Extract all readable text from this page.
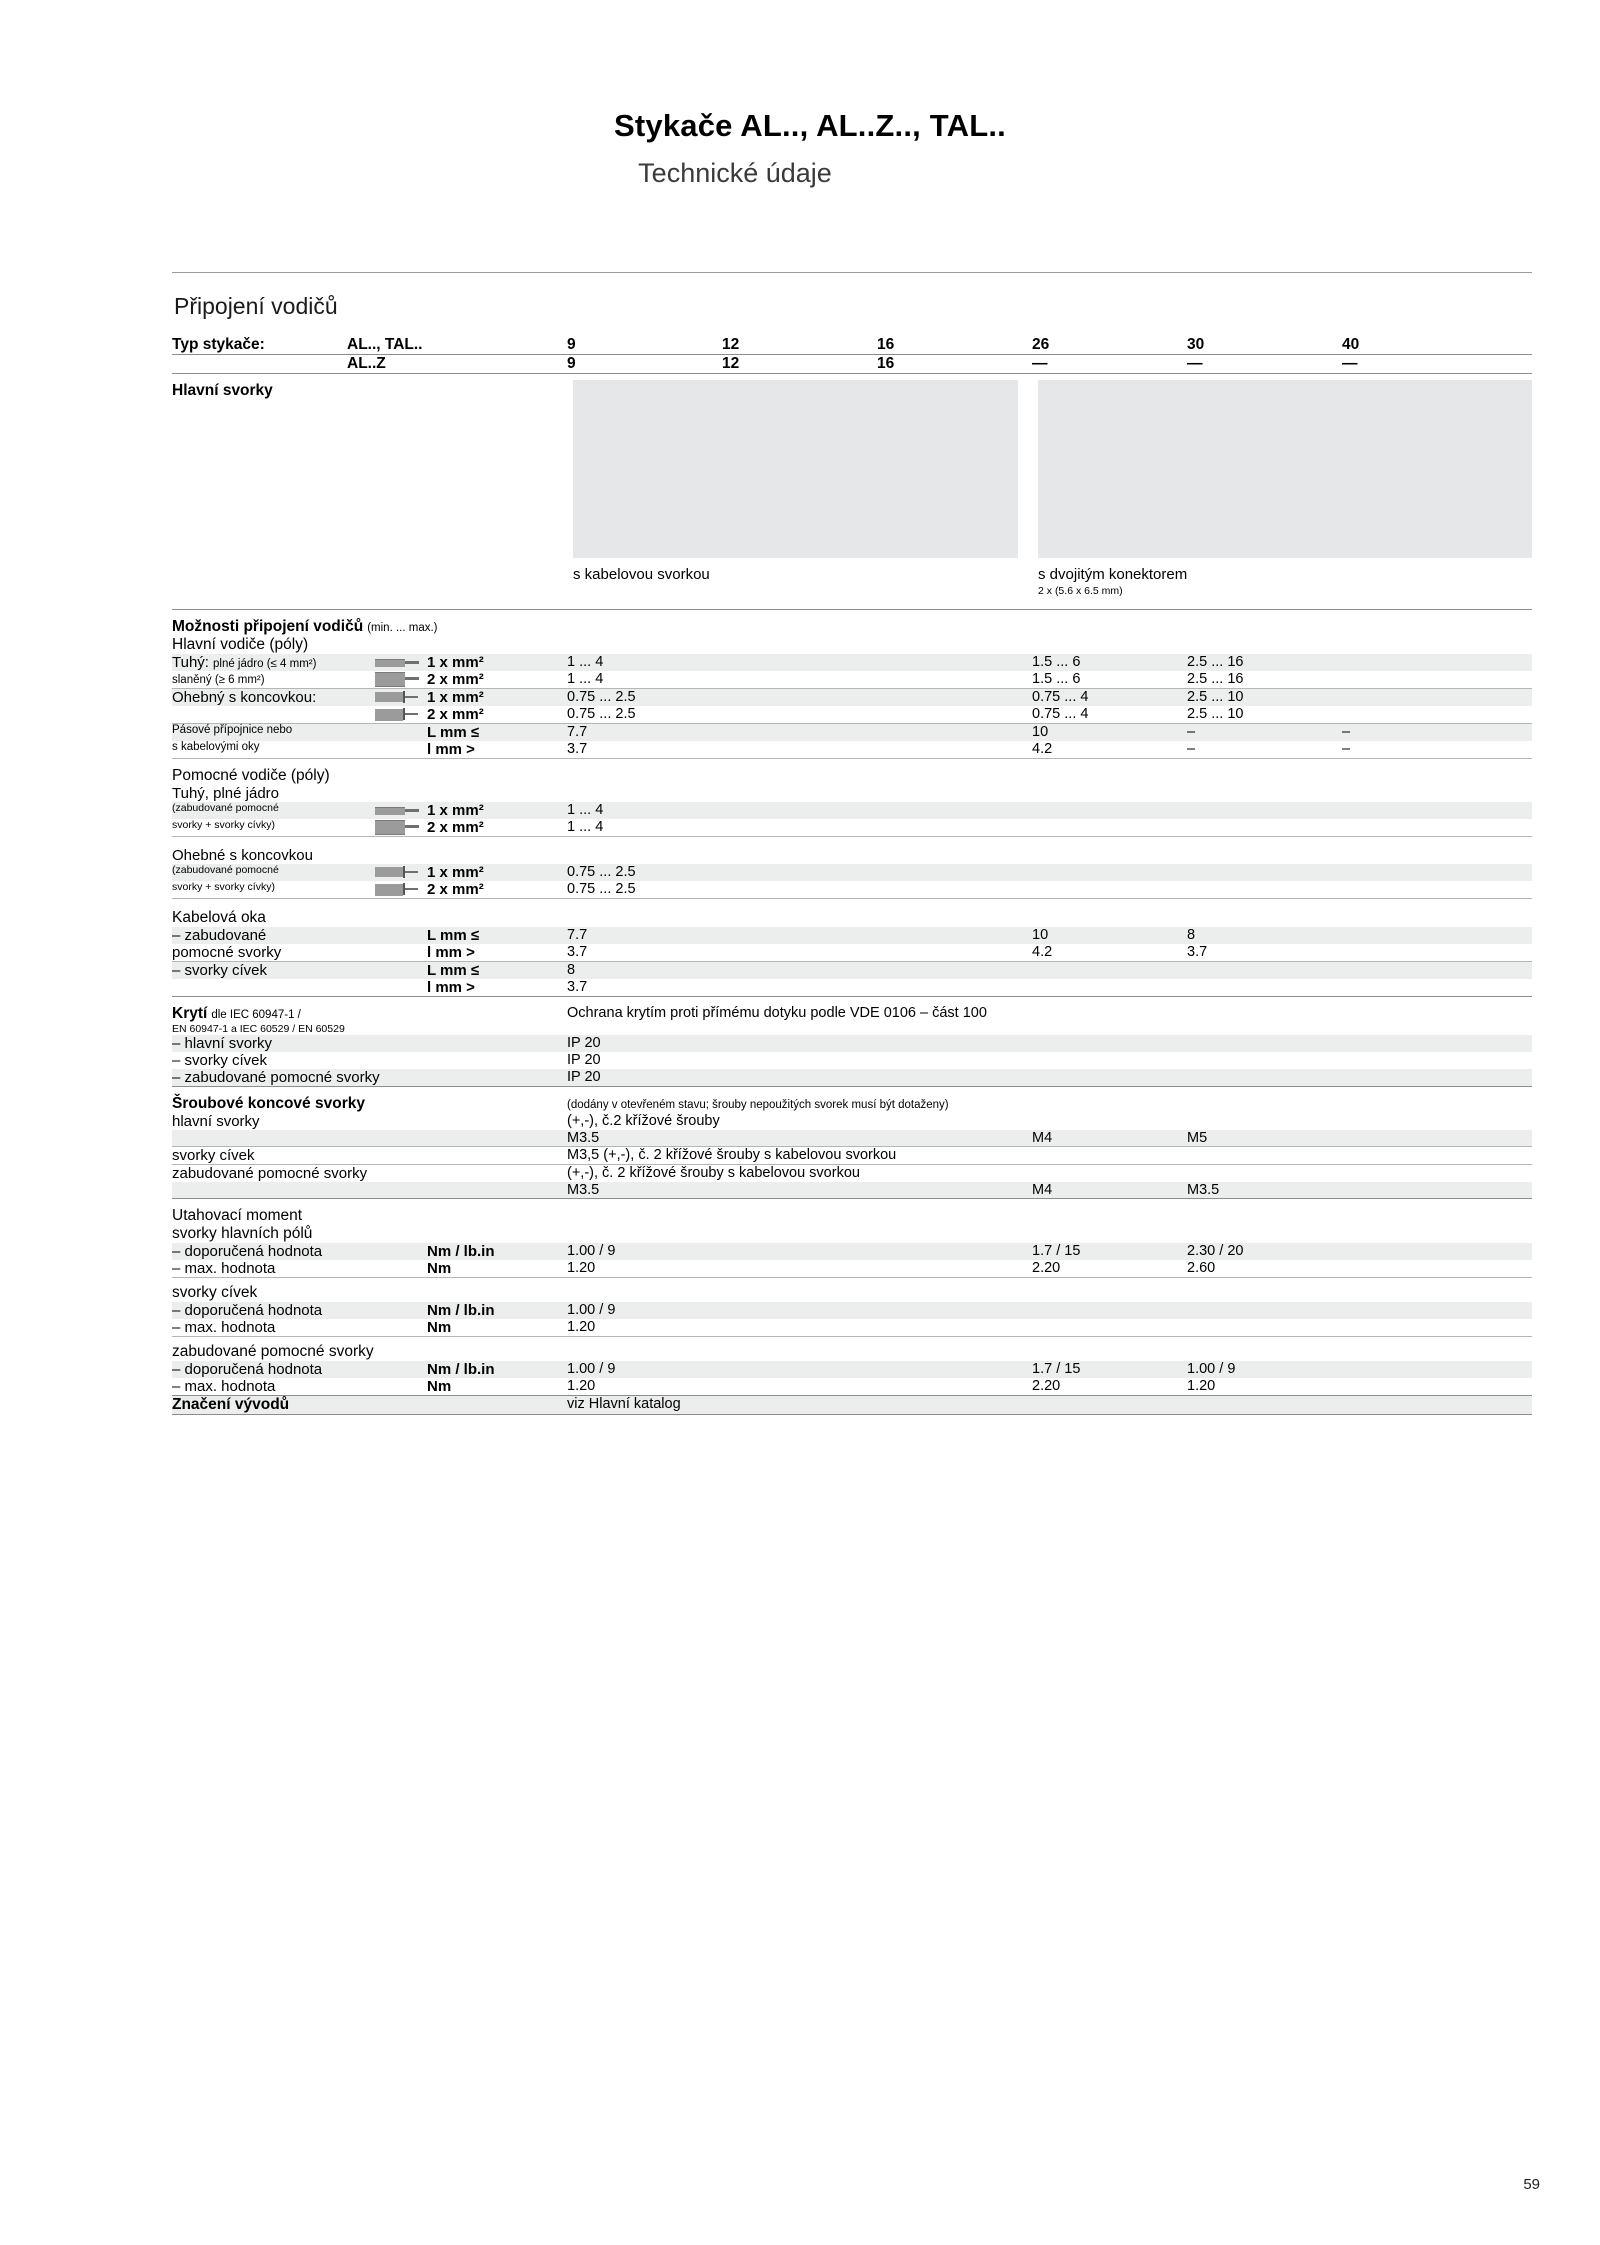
Stykače AL.., AL..Z.., TAL..
Technické údaje
Připojení vodičů
Typ stykače:	AL.., TAL..		9	12	16	26	30	40
	AL..Z		9	12	16	—	—	—
Hlavní svorky			s kabelovou svorkou			s dvojitým konektorem
2 x (5.6 x 6.5 mm)		

Možnosti připojení vodičů (min. ... max.)								
Hlavní vodiče (póly)								
Tuhý: plné jádro (≤ 4 mm²)		1 x mm²	1 ... 4			1.5 ... 6	2.5 ... 16	
slaněný (≥ 6 mm²)		2 x mm²	1 ... 4			1.5 ... 6	2.5 ... 16	
Ohebný s koncovkou:		1 x mm²	0.75 ... 2.5			0.75 ... 4	2.5 ... 10	

	2 x mm²	0.75 ... 2.5			0.75 ... 4	2.5 ... 10	
Pásové přípojnice nebo		L mm ≤	7.7			10	–	–
s kabelovými oky		l mm >	3.7			4.2	–	–
Pomocné vodiče (póly)								
Tuhý, plné jádro								
(zabudované pomocné		1 x mm²	1 ... 4					
svorky + svorky cívky)		2 x mm²	1 ... 4					
Ohebné s koncovkou								
(zabudované pomocné		1 x mm²	0.75 ... 2.5					
svorky + svorky cívky)		2 x mm²	0.75 ... 2.5					
Kabelová oka								
– zabudované		L mm ≤	7.7			10	8	
pomocné svorky		l mm >	3.7			4.2	3.7	
– svorky cívek		L mm ≤	8					
		l mm >	3.7					
Krytí dle IEC 60947-1 /			Ochrana krytím proti přímému dotyku podle VDE 0106 – část 100					
EN 60947-1 a IEC 60529 / EN 60529								
– hlavní svorky			IP 20					
– svorky cívek			IP 20					
– zabudované pomocné svorky			IP 20					
Šroubové koncové svorky			(dodány v otevřeném stavu; šrouby nepoužitých svorek musí být dotaženy)					
hlavní svorky			(+,-), č.2 křížové šrouby					
			M3.5			M4	M5	
svorky cívek			M3,5 (+,-), č. 2 křížové šrouby s kabelovou svorkou					
zabudované pomocné svorky			(+,-), č. 2 křížové šrouby s kabelovou svorkou					
			M3.5			M4	M3.5	
Utahovací moment								
svorky hlavních pólů								
– doporučená hodnota		Nm / lb.in	1.00 / 9			1.7 / 15	2.30 / 20	
– max. hodnota		Nm	1.20			2.20	2.60	
svorky cívek								
– doporučená hodnota		Nm / lb.in	1.00 / 9					
– max. hodnota		Nm	1.20					
zabudované pomocné svorky								
– doporučená hodnota		Nm / lb.in	1.00 / 9			1.7 / 15	1.00 / 9	
– max. hodnota		Nm	1.20			2.20	1.20	
Značení vývodů			viz Hlavní katalog					
59
